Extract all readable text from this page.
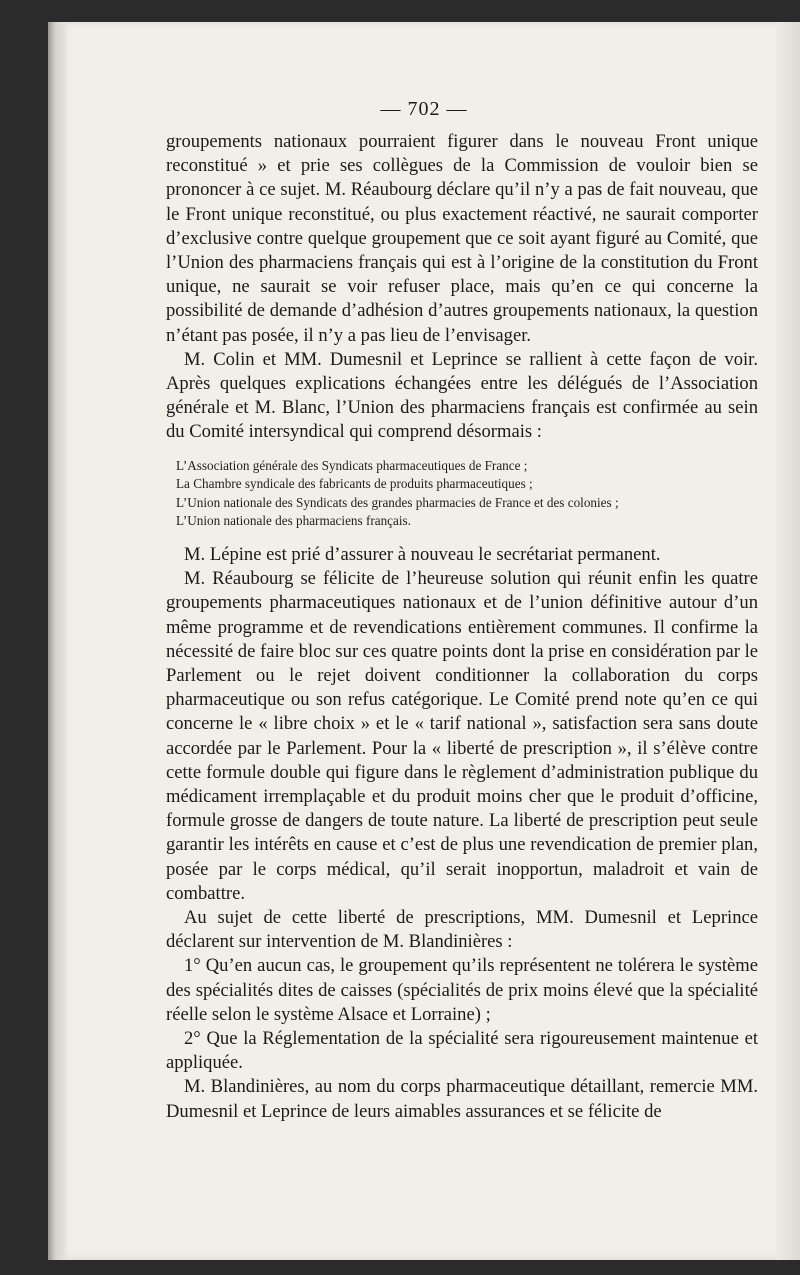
— 702 —

groupements nationaux pourraient figurer dans le nouveau Front unique reconstitué » et prie ses collègues de la Commission de vouloir bien se prononcer à ce sujet. M. Réaubourg déclare qu’il n’y a pas de fait nouveau, que le Front unique reconstitué, ou plus exactement réactivé, ne saurait comporter d’exclusive contre quelque groupement que ce soit ayant figuré au Comité, que l’Union des pharmaciens français qui est à l’origine de la constitution du Front unique, ne saurait se voir refuser place, mais qu’en ce qui concerne la possibilité de demande d’adhésion d’autres groupements nationaux, la question n’étant pas posée, il n’y a pas lieu de l’envisager.

M. Colin et MM. Dumesnil et Leprince se rallient à cette façon de voir. Après quelques explications échangées entre les délégués de l’Association générale et M. Blanc, l’Union des pharmaciens français est confirmée au sein du Comité intersyndical qui comprend désormais :

L’Association générale des Syndicats pharmaceutiques de France ;
La Chambre syndicale des fabricants de produits pharmaceutiques ;
L’Union nationale des Syndicats des grandes pharmacies de France et des colonies ;
L’Union nationale des pharmaciens français.

M. Lépine est prié d’assurer à nouveau le secrétariat permanent.

M. Réaubourg se félicite de l’heureuse solution qui réunit enfin les quatre groupements pharmaceutiques nationaux et de l’union définitive autour d’un même programme et de revendications entièrement communes. Il confirme la nécessité de faire bloc sur ces quatre points dont la prise en considération par le Parlement ou le rejet doivent conditionner la collaboration du corps pharmaceutique ou son refus catégorique. Le Comité prend note qu’en ce qui concerne le « libre choix » et le « tarif national », satisfaction sera sans doute accordée par le Parlement. Pour la « liberté de prescription », il s’élève contre cette formule double qui figure dans le règlement d’administration publique du médicament irremplaçable et du produit moins cher que le produit d’officine, formule grosse de dangers de toute nature. La liberté de prescription peut seule garantir les intérêts en cause et c’est de plus une revendication de premier plan, posée par le corps médical, qu’il serait inopportun, maladroit et vain de combattre.

Au sujet de cette liberté de prescriptions, MM. Dumesnil et Leprince déclarent sur intervention de M. Blandinières :

1° Qu’en aucun cas, le groupement qu’ils représentent ne tolérera le système des spécialités dites de caisses (spécialités de prix moins élevé que la spécialité réelle selon le système Alsace et Lorraine) ;

2° Que la Réglementation de la spécialité sera rigoureusement maintenue et appliquée.

M. Blandinières, au nom du corps pharmaceutique détaillant, remercie MM. Dumesnil et Leprince de leurs aimables assurances et se félicite de
